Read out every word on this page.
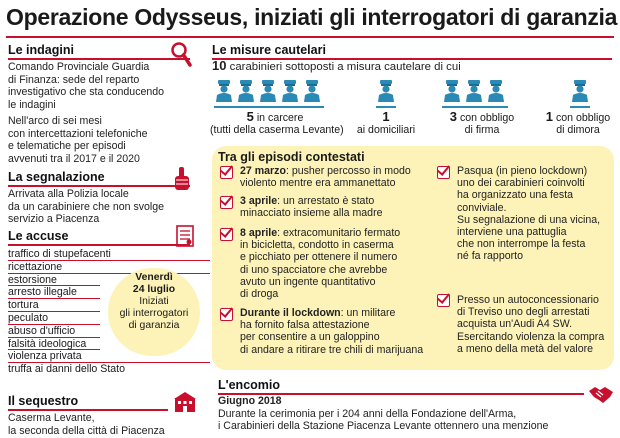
Operazione Odysseus, iniziati gli interrogatori di garanzia
Le indagini
Comando Provinciale Guardia
di Finanza: sede del reparto
investigativo che sta conducendo
le indagini
Nell'arco di sei mesi
con intercettazioni telefoniche
e telematiche per episodi
avvenuti tra il 2017 e il 2020
La segnalazione
Arrivata alla Polizia locale
da un carabiniere che non svolge
servizio a Piacenza
Le accuse
traffico di stupefacenti
ricettazione
estorsione
arresto illegale
tortura
peculato
abuso d'ufficio
falsità ideologica
violenza privata
truffa ai danni dello Stato
Venerdì
24 luglio
Iniziati
gli interrogatori
di garanzia
Il sequestro
Caserma Levante,
la seconda della città di Piacenza
Le misure cautelari
10 carabinieri sottoposti a misura cautelare di cui
5 in carcere
(tutti della caserma Levante)
1
ai domiciliari
3 con obbligo
di firma
1 con obbligo
di dimora
Tra gli episodi contestati
27 marzo: pusher percosso in modo
violento mentre era ammanettato
3 aprile: un arrestato è stato
minacciato insieme alla madre
8 aprile: extracomunitario fermato
in bicicletta, condotto in caserma
e picchiato per ottenere il numero
di uno spacciatore che avrebbe
avuto un ingente quantitativo
di droga
Durante il lockdown: un militare
ha fornito falsa attestazione
per consentire a un galoppino
di andare a ritirare tre chili di marijuana
Pasqua (in pieno lockdown)
uno dei carabinieri coinvolti
ha organizzato una festa
conviviale.
Su segnalazione di una vicina,
interviene una pattuglia
che non interrompe la festa
né fa rapporto
Presso un autoconcessionario
di Treviso uno degli arrestati
acquista un'Audi A4 SW.
Esercitando violenza la compra
a meno della metà del valore
L'encomio
Giugno 2018
Durante la cerimonia per i 204 anni della Fondazione dell'Arma,
i Carabinieri della Stazione Piacenza Levante ottennero una menzione
